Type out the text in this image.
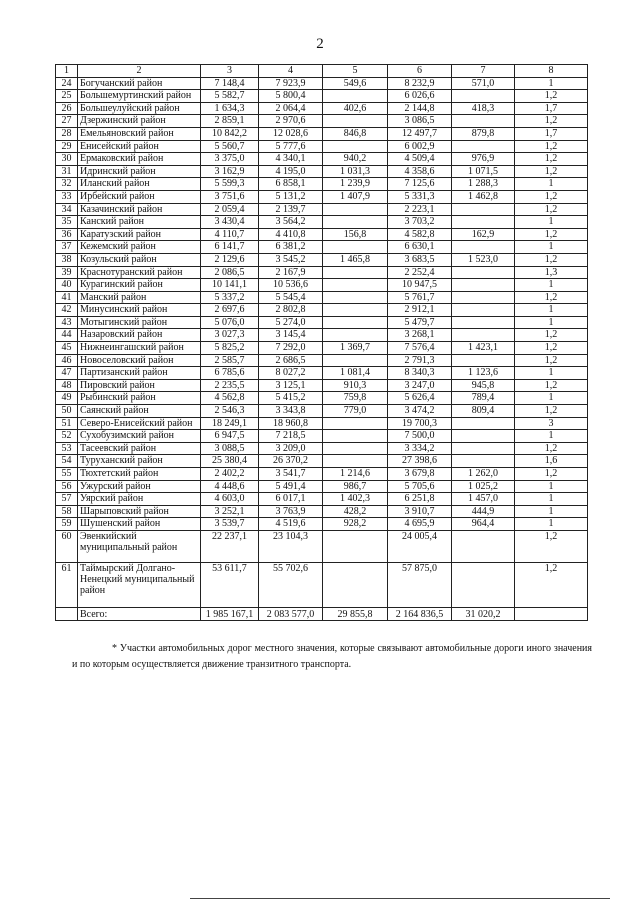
2
1	2	3	4	5	6	7	8
24	Богучанский район	7 148,4	7 923,9	549,6	8 232,9	571,0	1
25	Большемуртинский район	5 582,7	5 800,4		6 026,6		1,2
26	Большеулуйский район	1 634,3	2 064,4	402,6	2 144,8	418,3	1,7
27	Дзержинский район	2 859,1	2 970,6		3 086,5		1,2
28	Емельяновский район	10 842,2	12 028,6	846,8	12 497,7	879,8	1,7
29	Енисейский район	5 560,7	5 777,6		6 002,9		1,2
30	Ермаковский район	3 375,0	4 340,1	940,2	4 509,4	976,9	1,2
31	Идринский район	3 162,9	4 195,0	1 031,3	4 358,6	1 071,5	1,2
32	Иланский район	5 599,3	6 858,1	1 239,9	7 125,6	1 288,3	1
33	Ирбейский район	3 751,6	5 131,2	1 407,9	5 331,3	1 462,8	1,2
34	Казачинский район	2 059,4	2 139,7		2 223,1		1,2
35	Канский район	3 430,4	3 564,2		3 703,2		1
36	Каратузский район	4 110,7	4 410,8	156,8	4 582,8	162,9	1,2
37	Кежемский район	6 141,7	6 381,2		6 630,1		1
38	Козульский район	2 129,6	3 545,2	1 465,8	3 683,5	1 523,0	1,2
39	Краснотуранский район	2 086,5	2 167,9		2 252,4		1,3
40	Курагинский район	10 141,1	10 536,6		10 947,5		1
41	Манский район	5 337,2	5 545,4		5 761,7		1,2
42	Минусинский район	2 697,6	2 802,8		2 912,1		1
43	Мотыгинский район	5 076,0	5 274,0		5 479,7		1
44	Назаровский район	3 027,3	3 145,4		3 268,1		1,2
45	Нижнеингашский район	5 825,2	7 292,0	1 369,7	7 576,4	1 423,1	1,2
46	Новоселовский район	2 585,7	2 686,5		2 791,3		1,2
47	Партизанский район	6 785,6	8 027,2	1 081,4	8 340,3	1 123,6	1
48	Пировский район	2 235,5	3 125,1	910,3	3 247,0	945,8	1,2
49	Рыбинский район	4 562,8	5 415,2	759,8	5 626,4	789,4	1
50	Саянский район	2 546,3	3 343,8	779,0	3 474,2	809,4	1,2
51	Северо-Енисейский район	18 249,1	18 960,8		19 700,3		3
52	Сухобузимский район	6 947,5	7 218,5		7 500,0		1
53	Тасеевский район	3 088,5	3 209,0		3 334,2		1,2
54	Туруханский район	25 380,4	26 370,2		27 398,6		1,6
55	Тюхтетский район	2 402,2	3 541,7	1 214,6	3 679,8	1 262,0	1,2
56	Ужурский район	4 448,6	5 491,4	986,7	5 705,6	1 025,2	1
57	Уярский район	4 603,0	6 017,1	1 402,3	6 251,8	1 457,0	1
58	Шарыповский район	3 252,1	3 763,9	428,2	3 910,7	444,9	1
59	Шушенский район	3 539,7	4 519,6	928,2	4 695,9	964,4	1
60	Эвенкийский муниципальный район	22 237,1	23 104,3		24 005,4		1,2
61	Таймырский Долгано-Ненецкий муниципальный район	53 611,7	55 702,6		57 875,0		1,2
	Всего:	1 985 167,1	2 083 577,0	29 855,8	2 164 836,5	31 020,2	
* Участки автомобильных дорог местного значения, которые связывают автомобильные дороги иного значения и по которым осуществляется движение транзитного транспорта.
